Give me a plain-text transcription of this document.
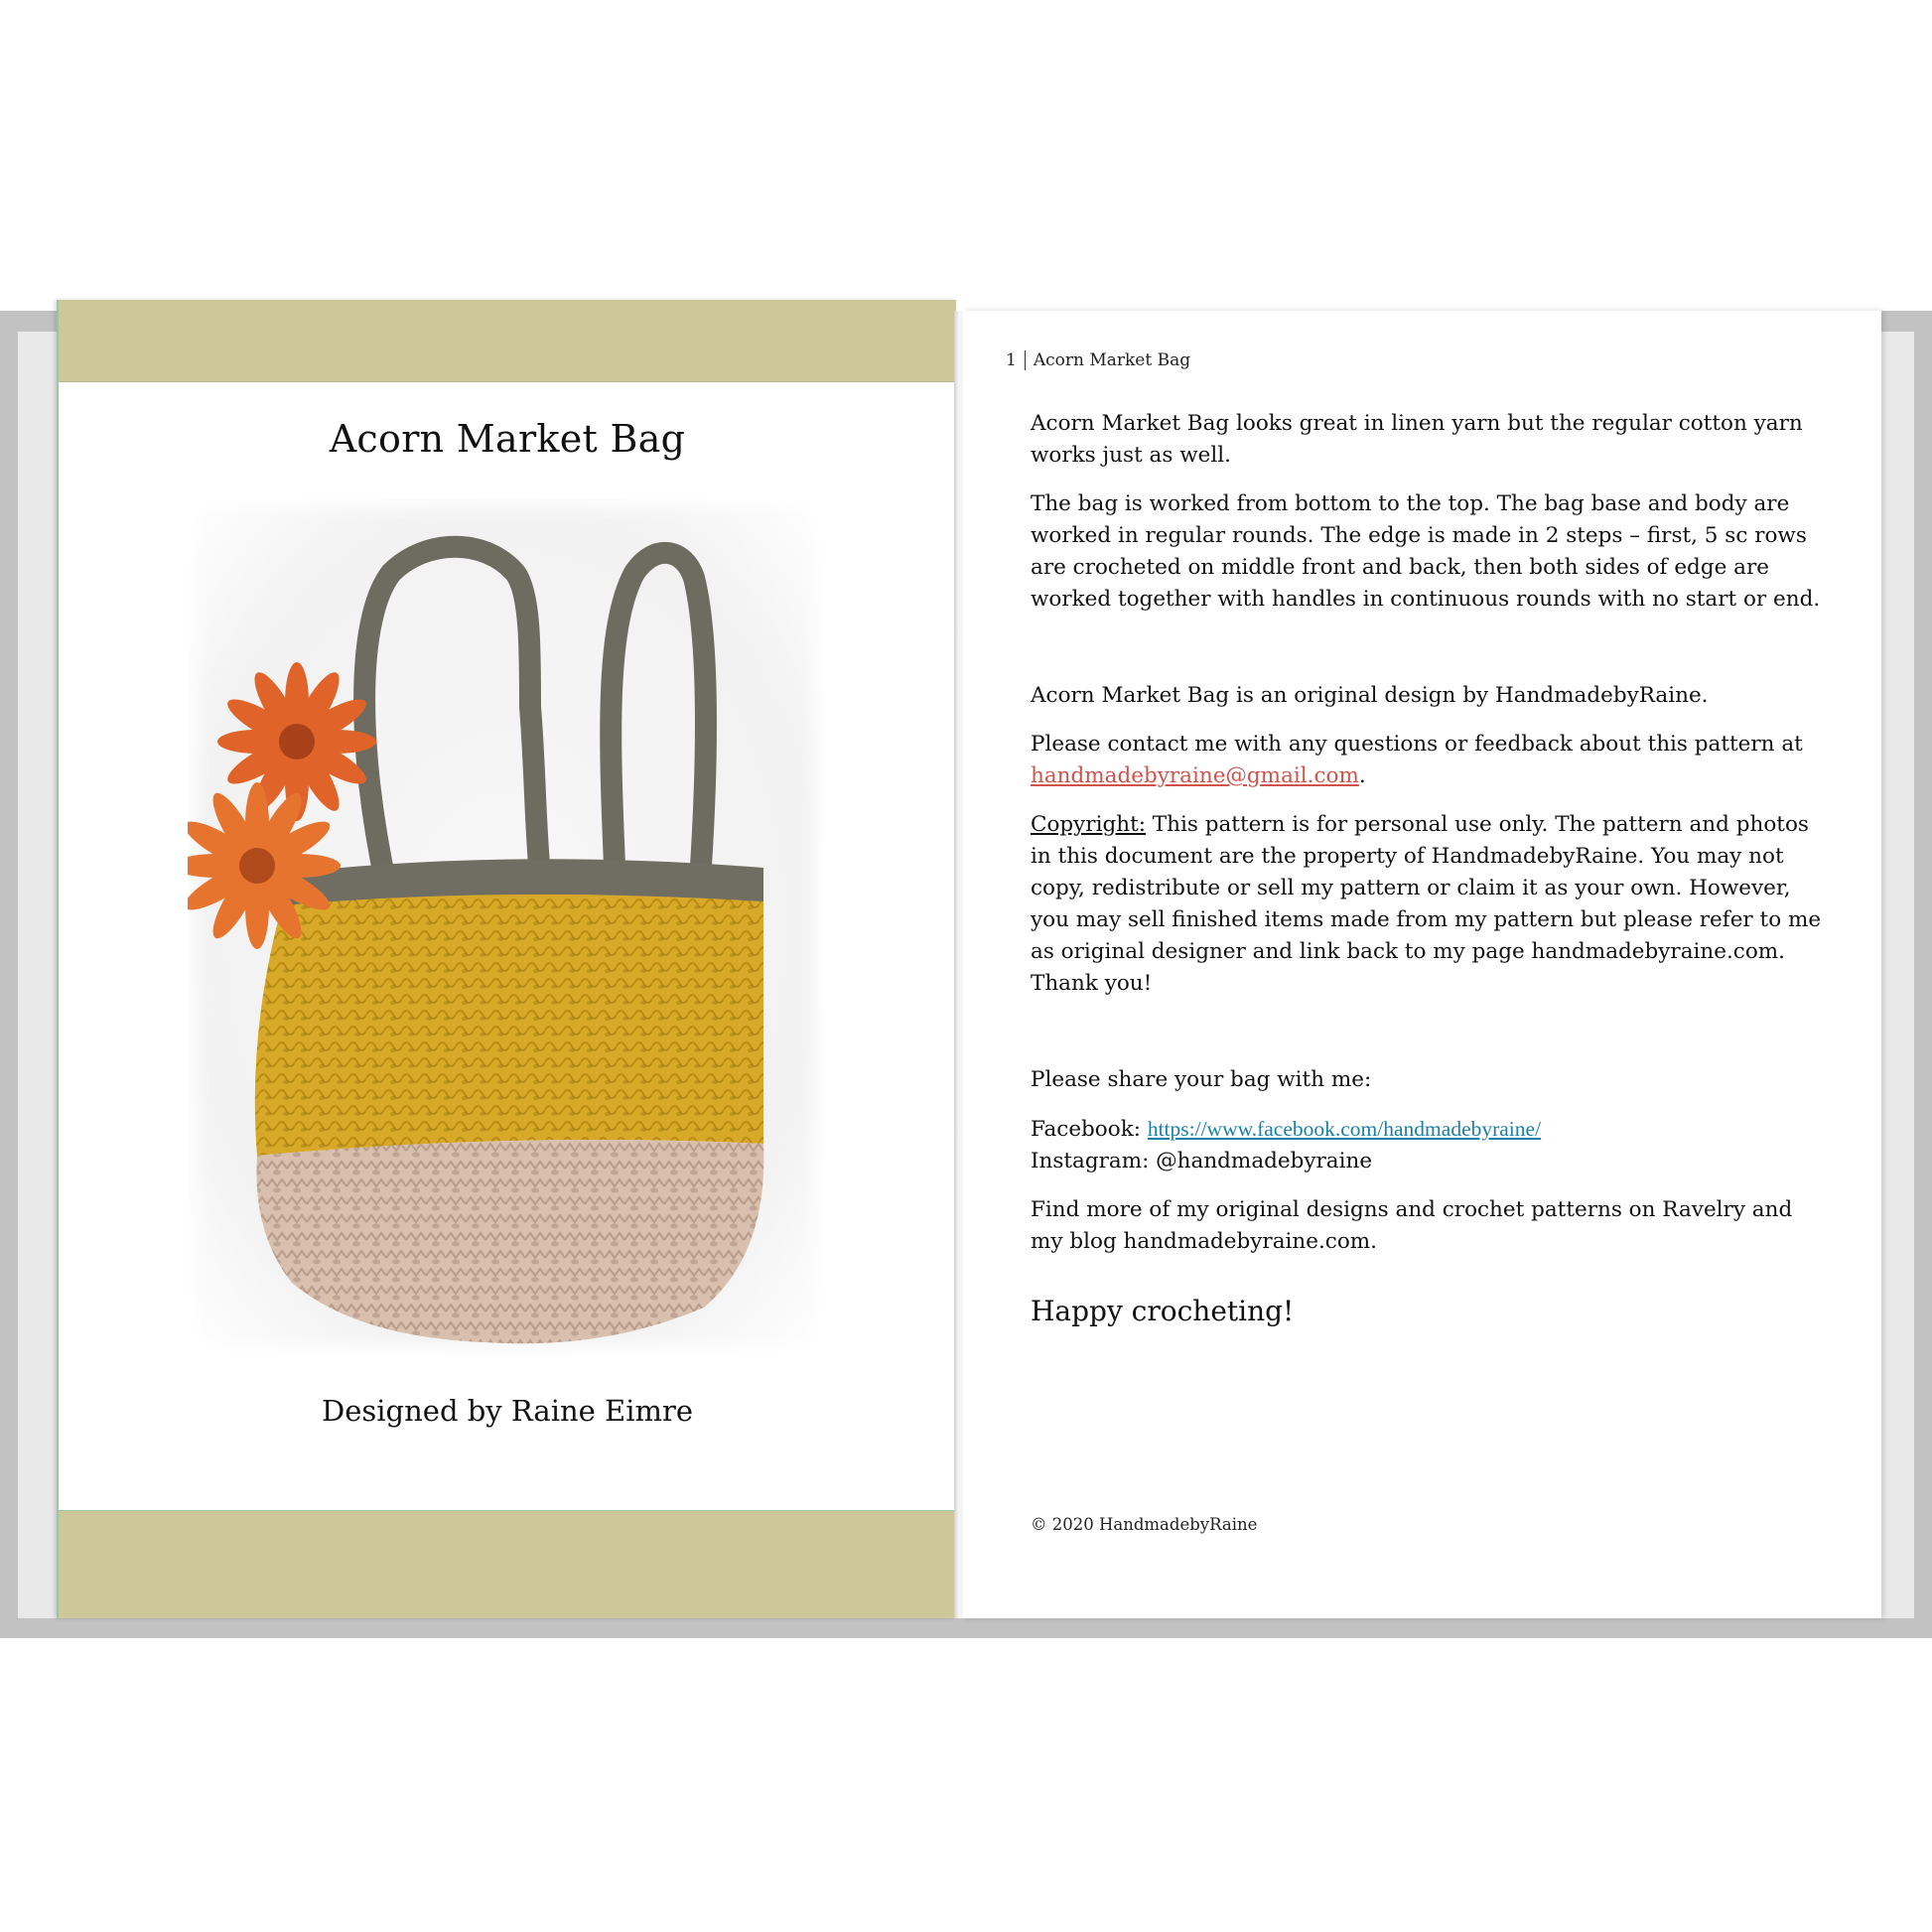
Acorn Market Bag
Designed by Raine Eimre
1 Acorn Market Bag

Acorn Market Bag looks great in linen yarn but the regular cotton yarn works just as well.

The bag is worked from bottom to the top. The bag base and body are worked in regular rounds. The edge is made in 2 steps – first, 5 sc rows are crocheted on middle front and back, then both sides of edge are worked together with handles in continuous rounds with no start or end.

Acorn Market Bag is an original design by HandmadebyRaine.

Please contact me with any questions or feedback about this pattern at handmadebyraine@gmail.com.

Copyright: This pattern is for personal use only. The pattern and photos in this document are the property of HandmadebyRaine. You may not copy, redistribute or sell my pattern or claim it as your own. However, you may sell finished items made from my pattern but please refer to me as original designer and link back to my page handmadebyraine.com. Thank you!

Please share your bag with me:

Facebook: https://www.facebook.com/handmadebyraine/
Instagram: @handmadebyraine

Find more of my original designs and crochet patterns on Ravelry and my blog handmadebyraine.com.

Happy crocheting!
© 2020 HandmadebyRaine
